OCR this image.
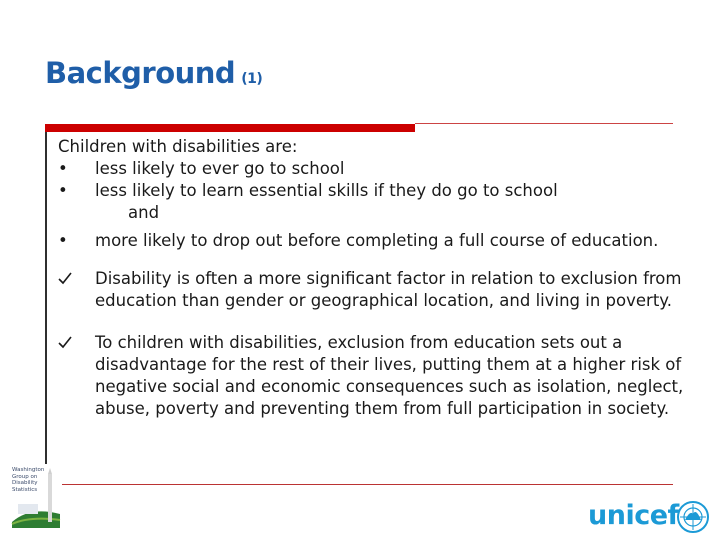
Background (1)
Children with disabilities are:
• less likely to ever go to school
• less likely to learn essential skills if they do go to school
and
• more likely to drop out before completing a full course of education.
Disability is often a more significant factor in relation to exclusion from
education than gender or geographical location, and living in poverty.
To children with disabilities, exclusion from education sets out a
disadvantage for the rest of their lives, putting them at a higher risk of
negative social and economic consequences such as isolation, neglect,
abuse, poverty and preventing them from full participation in society.
Washington
Group on
Disability
Statistics
unicef
